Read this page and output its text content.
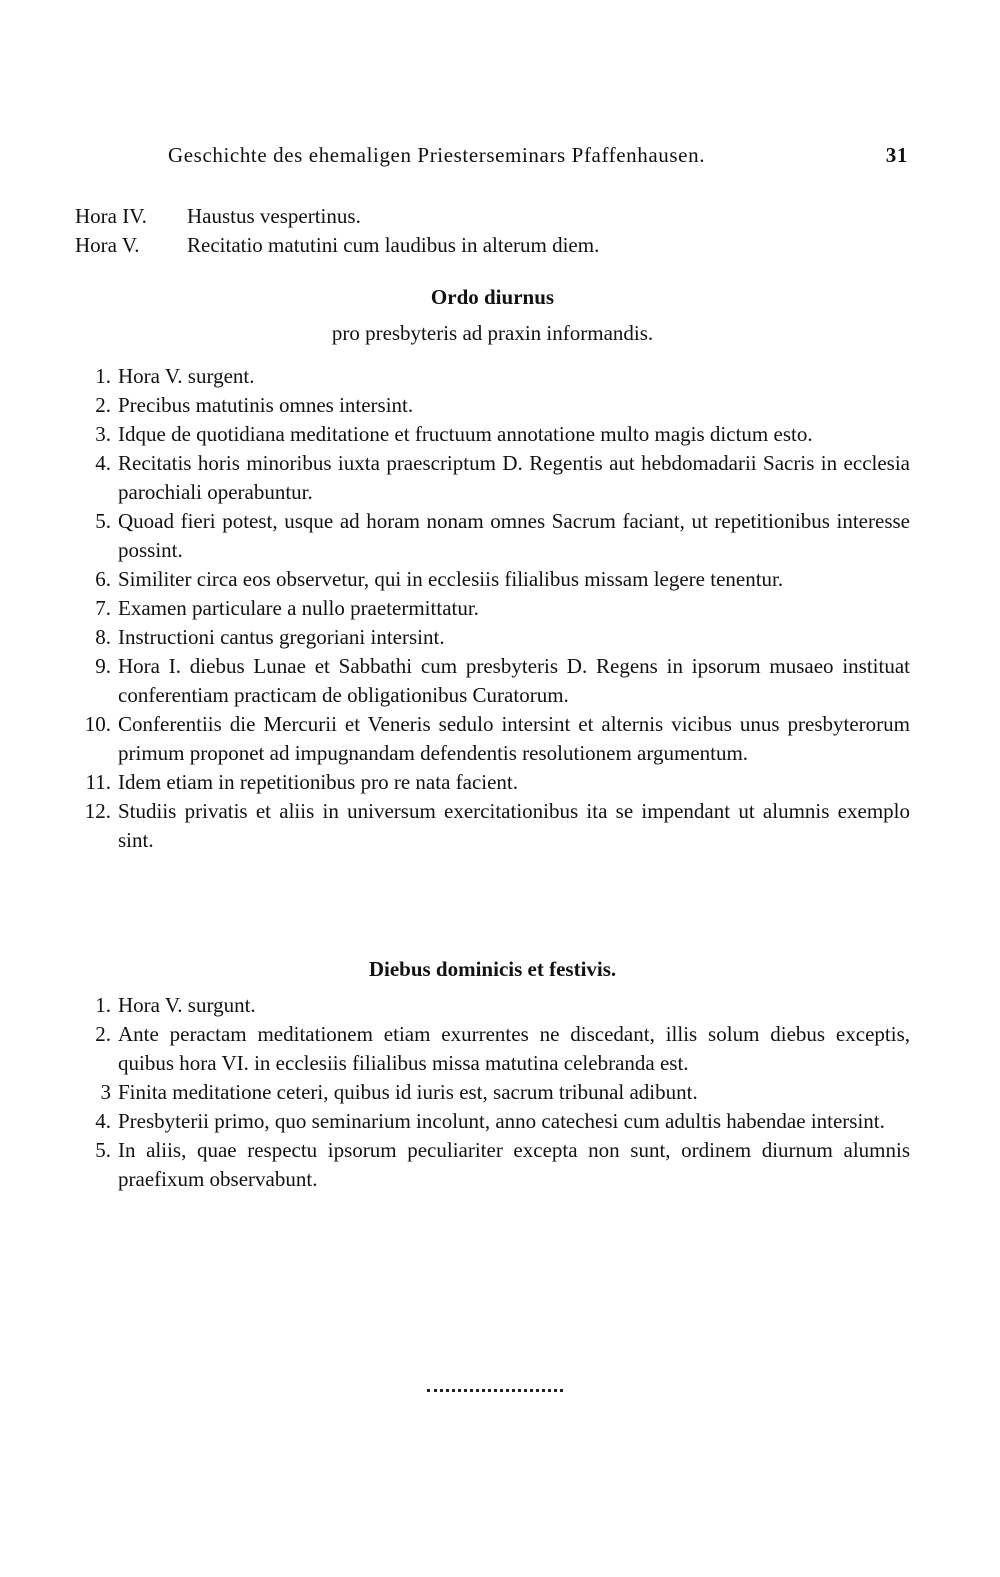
Geschichte des ehemaligen Priesterseminars Pfaffenhausen.	31
Hora IV. Haustus vespertinus.
Hora V. Recitatio matutini cum laudibus in alterum diem.
Ordo diurnus
pro presbyteris ad praxin informandis.
1. Hora V. surgent.
2. Precibus matutinis omnes intersint.
3. Idque de quotidiana meditatione et fructuum annotatione multo magis dictum esto.
4. Recitatis horis minoribus iuxta praescriptum D. Regentis aut hebdomadarii Sacris in ecclesia parochiali operabuntur.
5. Quoad fieri potest, usque ad horam nonam omnes Sacrum faciant, ut repetitionibus interesse possint.
6. Similiter circa eos observetur, qui in ecclesiis filialibus missam legere tenentur.
7. Examen particulare a nullo praetermittatur.
8. Instructioni cantus gregoriani intersint.
9. Hora I. diebus Lunae et Sabbathi cum presbyteris D. Regens in ipsorum musaeo instituat conferentiam practicam de obligationibus Curatorum.
10. Conferentiis die Mercurii et Veneris sedulo intersint et alternis vicibus unus presbyterorum primum proponet ad impugnandam defendentis resolutionem argumentum.
11. Idem etiam in repetitionibus pro re nata facient.
12. Studiis privatis et aliis in universum exercitationibus ita se impendant ut alumnis exemplo sint.
Diebus dominicis et festivis.
1. Hora V. surgunt.
2. Ante peractam meditationem etiam exurrentes ne discedant, illis solum diebus exceptis, quibus hora VI. in ecclesiis filialibus missa matutina celebranda est.
3 Finita meditatione ceteri, quibus id iuris est, sacrum tribunal adibunt.
4. Presbyterii primo, quo seminarium incolunt, anno catechesi cum adultis habendae intersint.
5. In aliis, quae respectu ipsorum peculiariter excepta non sunt, ordinem diurnum alumnis praefixum observabunt.
